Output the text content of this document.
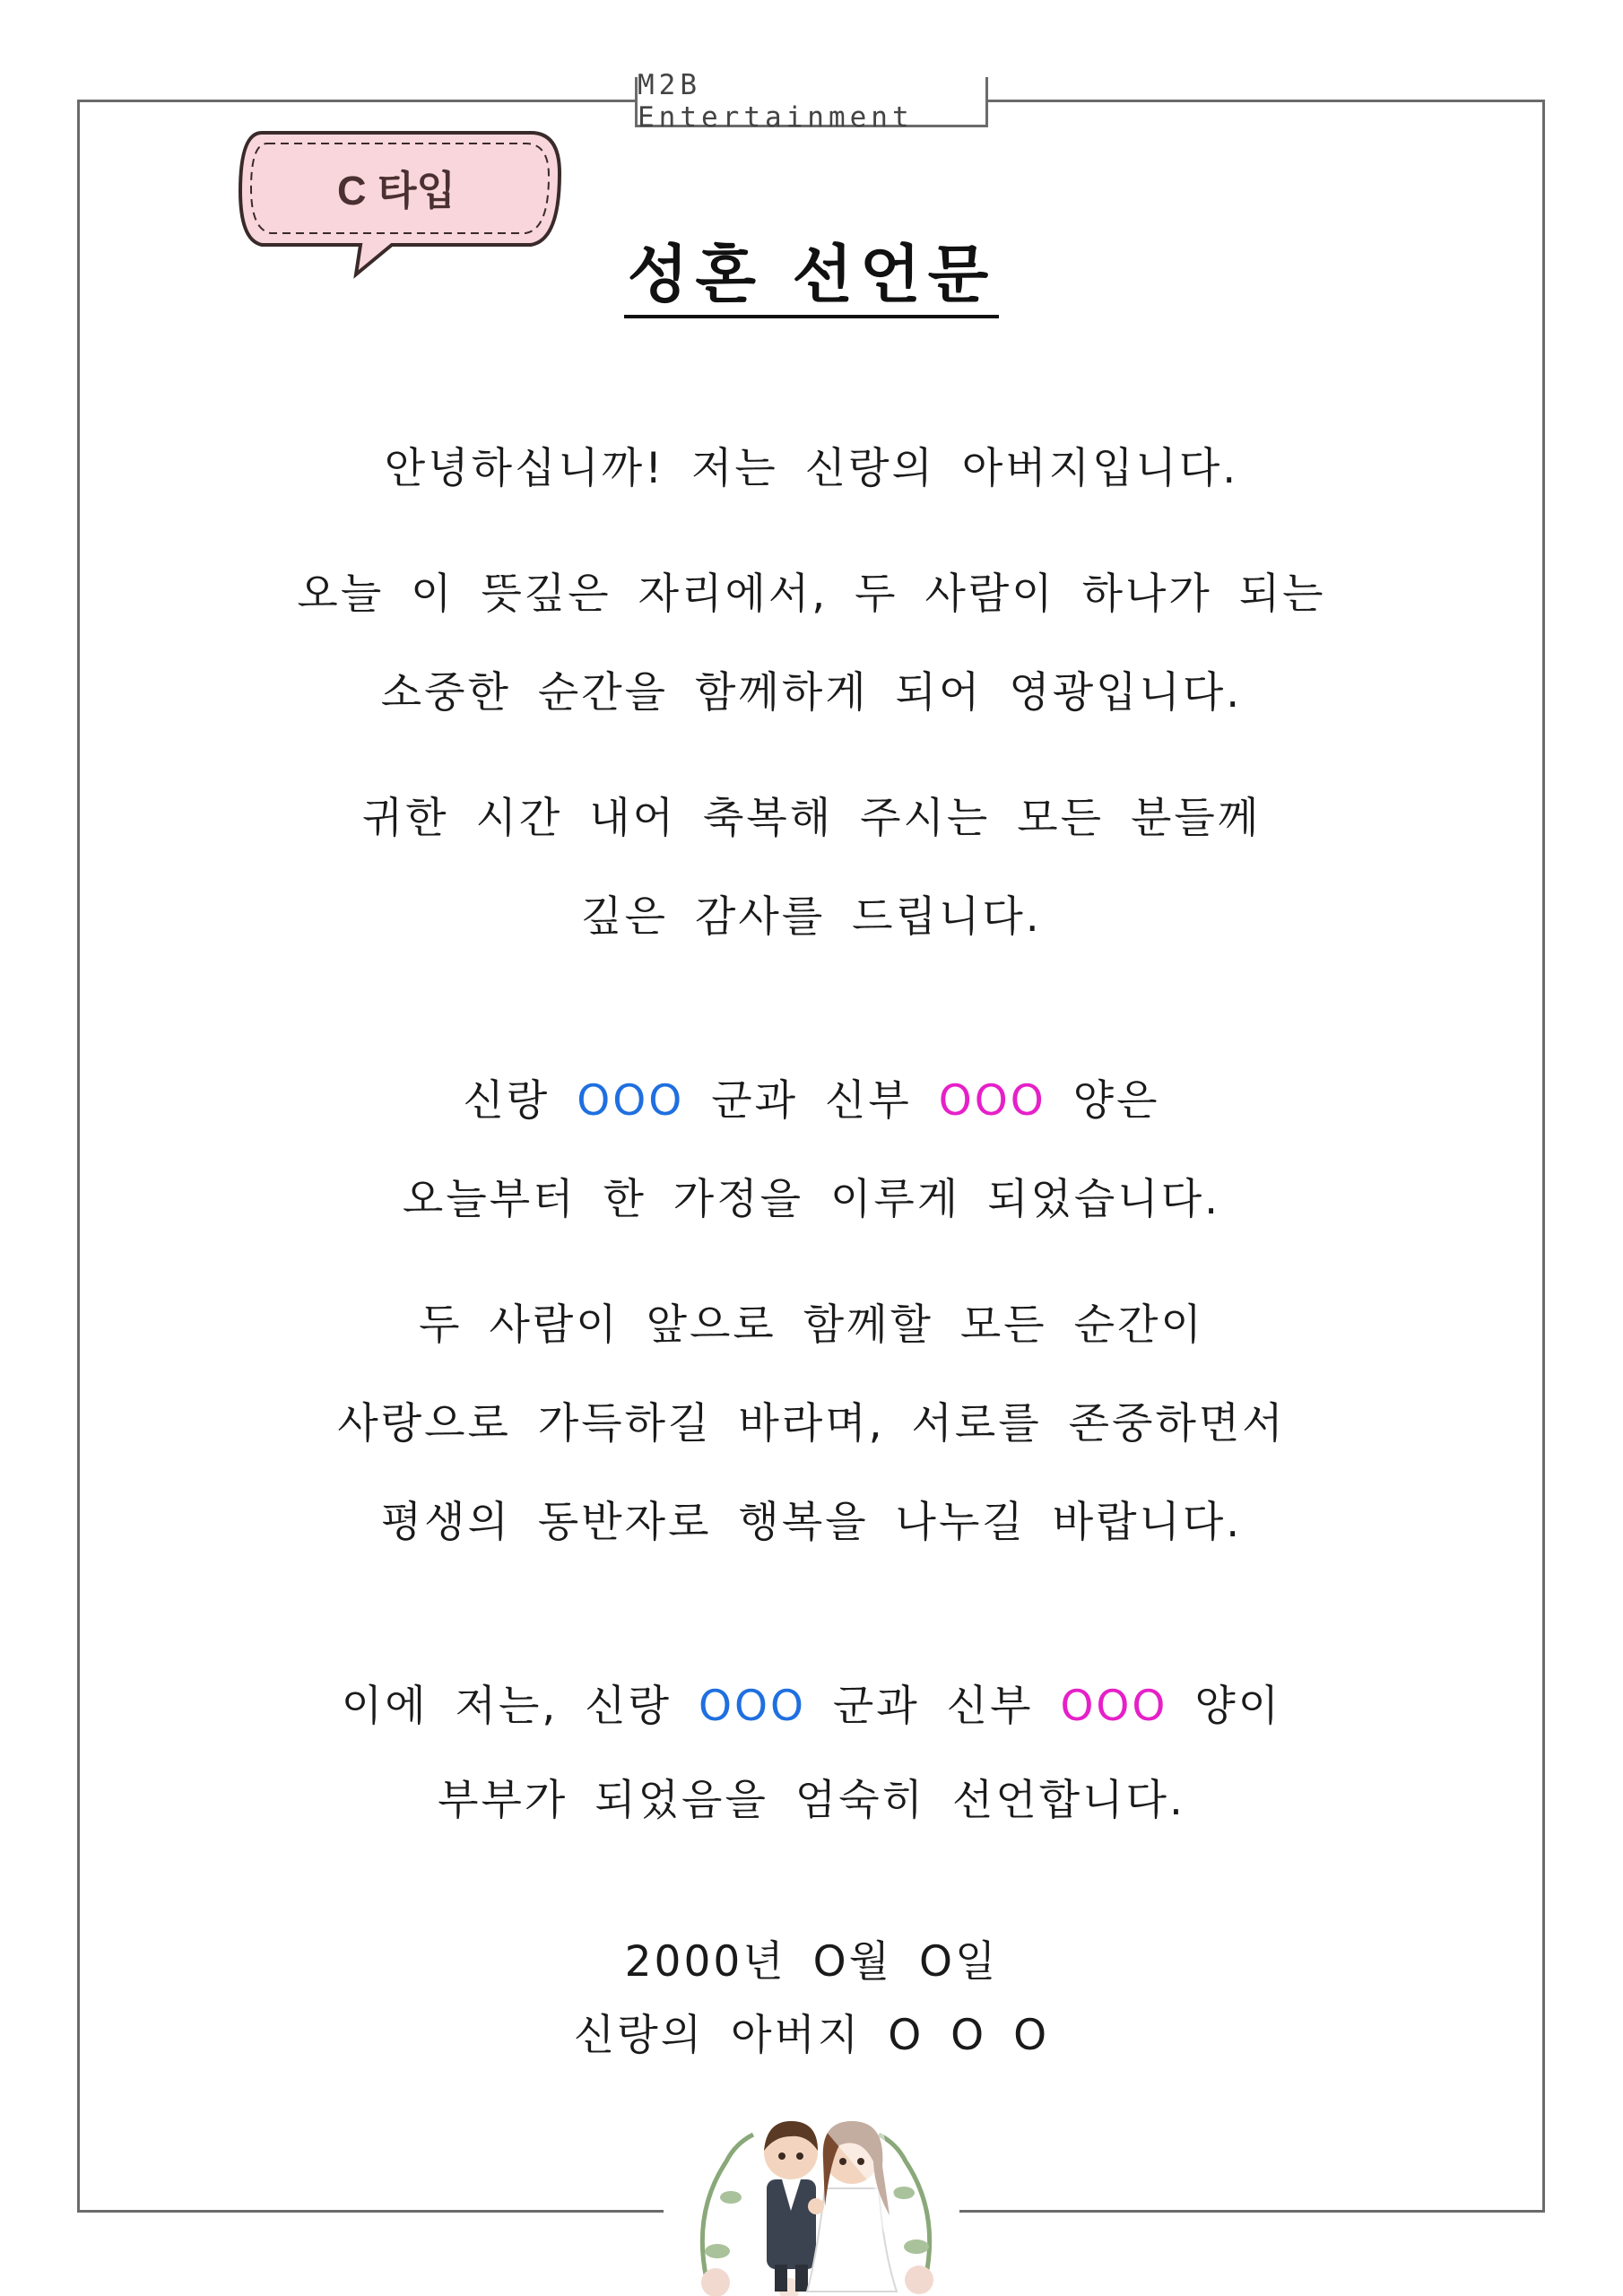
M2B Entertainment
C 타입
성혼 선언문
안녕하십니까! 저는 신랑의 아버지입니다.
오늘 이 뜻깊은 자리에서, 두 사람이 하나가 되는
소중한 순간을 함께하게 되어 영광입니다.
귀한 시간 내어 축복해 주시는 모든 분들께
깊은 감사를 드립니다.
신랑 OOO 군과 신부 OOO 양은
오늘부터 한 가정을 이루게 되었습니다.
두 사람이 앞으로 함께할 모든 순간이
사랑으로 가득하길 바라며, 서로를 존중하면서
평생의 동반자로 행복을 나누길 바랍니다.
이에 저는, 신랑 OOO 군과 신부 OOO 양이
부부가 되었음을 엄숙히 선언합니다.
2000년 O월 O일
신랑의 아버지 O O O
